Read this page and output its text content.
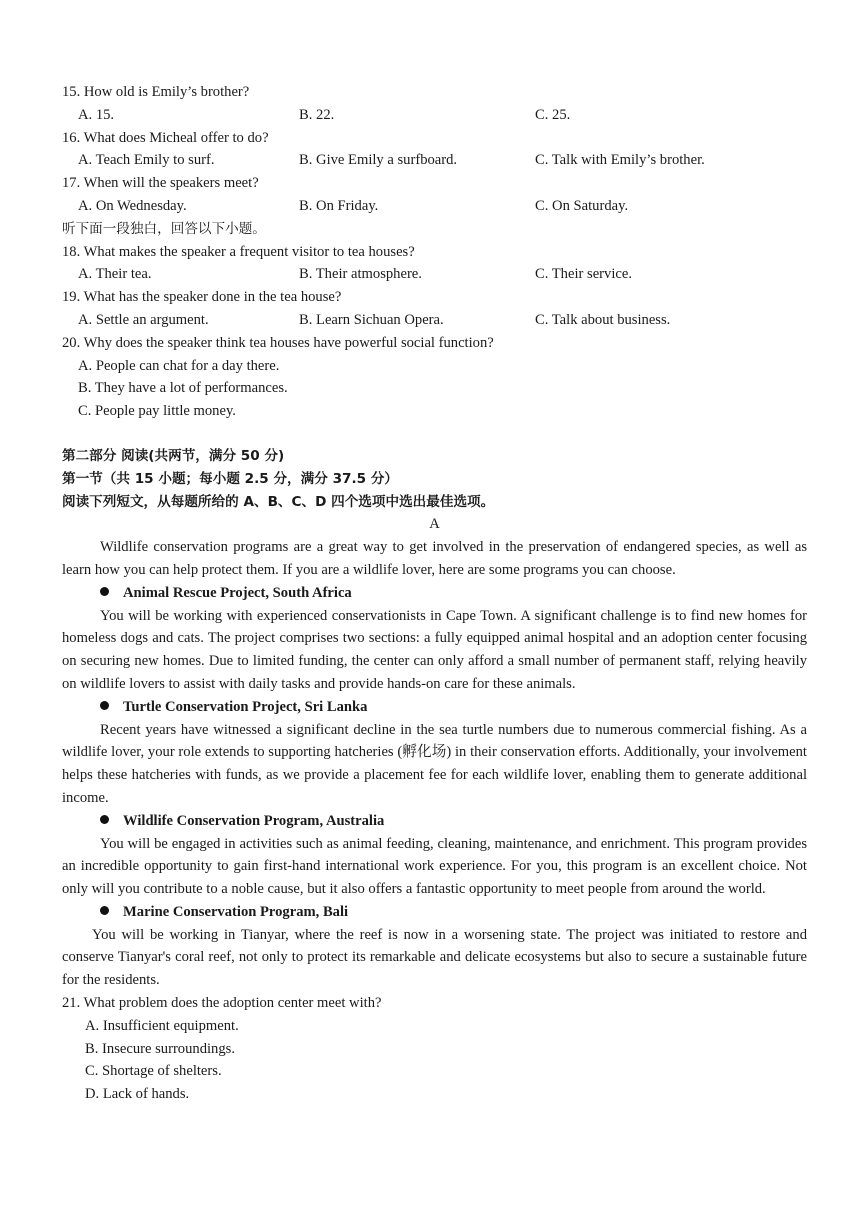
15. How old is Emily’s brother?
A. 15.	B. 22.	C. 25.
16. What does Micheal offer to do?
A. Teach Emily to surf.	B. Give Emily a surfboard.	C. Talk with Emily’s brother.
17. When will the speakers meet?
A. On Wednesday.	B. On Friday.	C. On Saturday.
听下面一段独白，回答以下小题。
18. What makes the speaker a frequent visitor to tea houses?
A. Their tea.	B. Their atmosphere.	C. Their service.
19. What has the speaker done in the tea house?
A. Settle an argument.	B. Learn Sichuan Opera.	C. Talk about business.
20. Why does the speaker think tea houses have powerful social function?
A. People can chat for a day there.
B. They have a lot of performances.
C. People pay little money.
第二部分 阅读(共两节，满分 50 分)
第一节（共 15 小题；每小题 2.5 分，满分 37.5 分）
阅读下列短文，从每题所给的 A、B、C、D 四个选项中选出最佳选项。
A

Wildlife conservation programs are a great way to get involved in the preservation of endangered species, as well as learn how you can help protect them. If you are a wildlife lover, here are some programs you can choose.

Animal Rescue Project, South Africa

You will be working with experienced conservationists in Cape Town. A significant challenge is to find new homes for homeless dogs and cats. The project comprises two sections: a fully equipped animal hospital and an adoption center focusing on securing new homes. Due to limited funding, the center can only afford a small number of permanent staff, relying heavily on wildlife lovers to assist with daily tasks and provide hands-on care for these animals.

Turtle Conservation Project, Sri Lanka

Recent years have witnessed a significant decline in the sea turtle numbers due to numerous commercial fishing. As a wildlife lover, your role extends to supporting hatcheries (孵化场) in their conservation efforts. Additionally, your involvement helps these hatcheries with funds, as we provide a placement fee for each wildlife lover, enabling them to generate additional income.

Wildlife Conservation Program, Australia

You will be engaged in activities such as animal feeding, cleaning, maintenance, and enrichment. This program provides an incredible opportunity to gain first-hand international work experience. For you, this program is an excellent choice. Not only will you contribute to a noble cause, but it also offers a fantastic opportunity to meet people from around the world.

Marine Conservation Program, Bali

You will be working in Tianyar, where the reef is now in a worsening state. The project was initiated to restore and conserve Tianyar's coral reef, not only to protect its remarkable and delicate ecosystems but also to secure a sustainable future for the residents.

21. What problem does the adoption center meet with?
A. Insufficient equipment.
B. Insecure surroundings.
C. Shortage of shelters.
D. Lack of hands.
